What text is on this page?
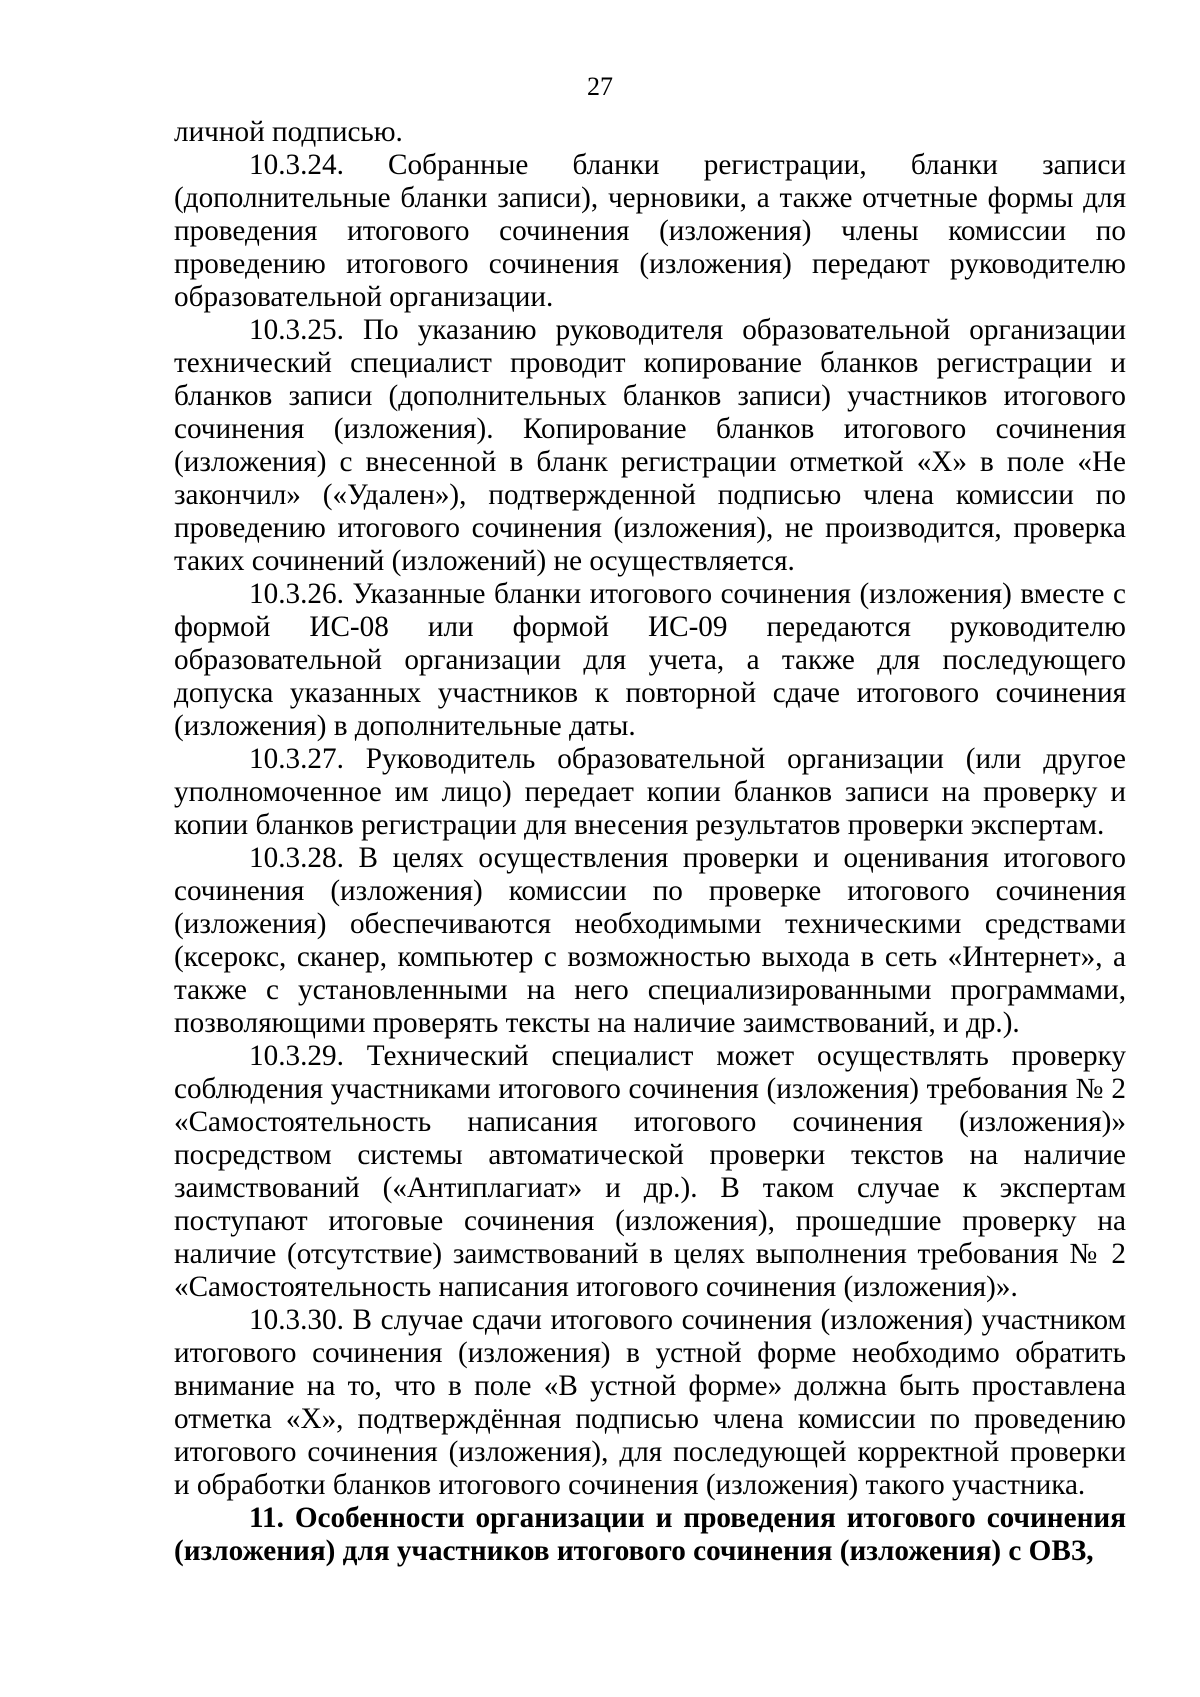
27

личной подписью.

10.3.24. Собранные бланки регистрации, бланки записи (дополнительные бланки записи), черновики, а также отчетные формы для проведения итогового сочинения (изложения) члены комиссии по проведению итогового сочинения (изложения) передают руководителю образовательной организации.

10.3.25. По указанию руководителя образовательной организации технический специалист проводит копирование бланков регистрации и бланков записи (дополнительных бланков записи) участников итогового сочинения (изложения). Копирование бланков итогового сочинения (изложения) с внесенной в бланк регистрации отметкой «Х» в поле «Не закончил» («Удален»), подтвержденной подписью члена комиссии по проведению итогового сочинения (изложения), не производится, проверка таких сочинений (изложений) не осуществляется.

10.3.26. Указанные бланки итогового сочинения (изложения) вместе с формой ИС-08 или формой ИС-09 передаются руководителю образовательной организации для учета, а также для последующего допуска указанных участников к повторной сдаче итогового сочинения (изложения) в дополнительные даты.

10.3.27. Руководитель образовательной организации (или другое уполномоченное им лицо) передает копии бланков записи на проверку и копии бланков регистрации для внесения результатов проверки экспертам.

10.3.28. В целях осуществления проверки и оценивания итогового сочинения (изложения) комиссии по проверке итогового сочинения (изложения) обеспечиваются необходимыми техническими средствами (ксерокс, сканер, компьютер с возможностью выхода в сеть «Интернет», а также с установленными на него специализированными программами, позволяющими проверять тексты на наличие заимствований, и др.).

10.3.29. Технический специалист может осуществлять проверку соблюдения участниками итогового сочинения (изложения) требования № 2 «Самостоятельность написания итогового сочинения (изложения)» посредством системы автоматической проверки текстов на наличие заимствований («Антиплагиат» и др.). В таком случае к экспертам поступают итоговые сочинения (изложения), прошедшие проверку на наличие (отсутствие) заимствований в целях выполнения требования № 2 «Самостоятельность написания итогового сочинения (изложения)».

10.3.30. В случае сдачи итогового сочинения (изложения) участником итогового сочинения (изложения) в устной форме необходимо обратить внимание на то, что в поле «В устной форме» должна быть проставлена отметка «Х», подтверждённая подписью члена комиссии по проведению итогового сочинения (изложения), для последующей корректной проверки и обработки бланков итогового сочинения (изложения) такого участника.

11. Особенности организации и проведения итогового сочинения (изложения) для участников итогового сочинения (изложения) с ОВЗ,
